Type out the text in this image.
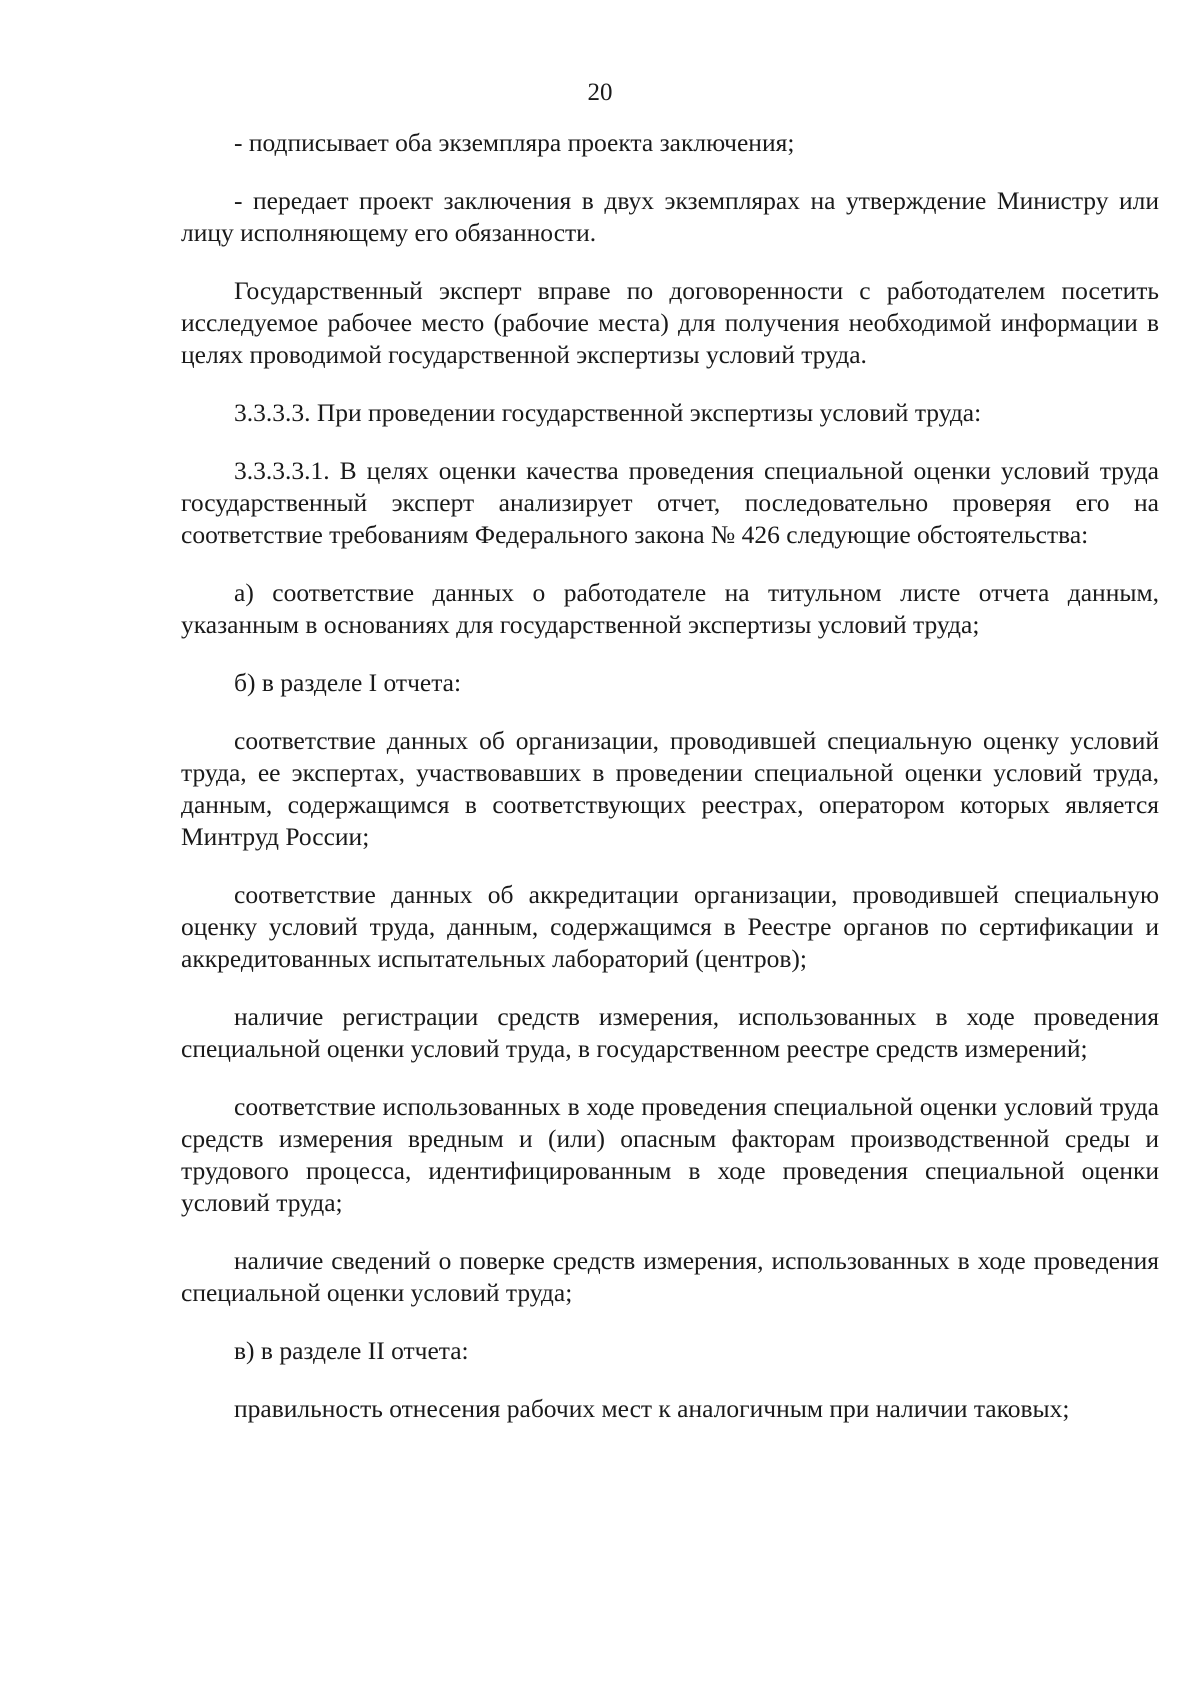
20

- подписывает оба экземпляра проекта заключения;

- передает проект заключения в двух экземплярах на утверждение Министру или лицу исполняющему его обязанности.

Государственный эксперт вправе по договоренности с работодателем посетить исследуемое рабочее место (рабочие места) для получения необходимой информации в целях проводимой государственной экспертизы условий труда.

3.3.3.3. При проведении государственной экспертизы условий труда:

3.3.3.3.1. В целях оценки качества проведения специальной оценки условий труда государственный эксперт анализирует отчет, последовательно проверяя его на соответствие требованиям Федерального закона № 426 следующие обстоятельства:

а) соответствие данных о работодателе на титульном листе отчета данным, указанным в основаниях для государственной экспертизы условий труда;

б) в разделе I отчета:

соответствие данных об организации, проводившей специальную оценку условий труда, ее экспертах, участвовавших в проведении специальной оценки условий труда, данным, содержащимся в соответствующих реестрах, оператором которых является Минтруд России;

соответствие данных об аккредитации организации, проводившей специальную оценку условий труда, данным, содержащимся в Реестре органов по сертификации и аккредитованных испытательных лабораторий (центров);

наличие регистрации средств измерения, использованных в ходе проведения специальной оценки условий труда, в государственном реестре средств измерений;

соответствие использованных в ходе проведения специальной оценки условий труда средств измерения вредным и (или) опасным факторам производственной среды и трудового процесса, идентифицированным в ходе проведения специальной оценки условий труда;

наличие сведений о поверке средств измерения, использованных в ходе проведения специальной оценки условий труда;

в) в разделе II отчета:

правильность отнесения рабочих мест к аналогичным при наличии таковых;
